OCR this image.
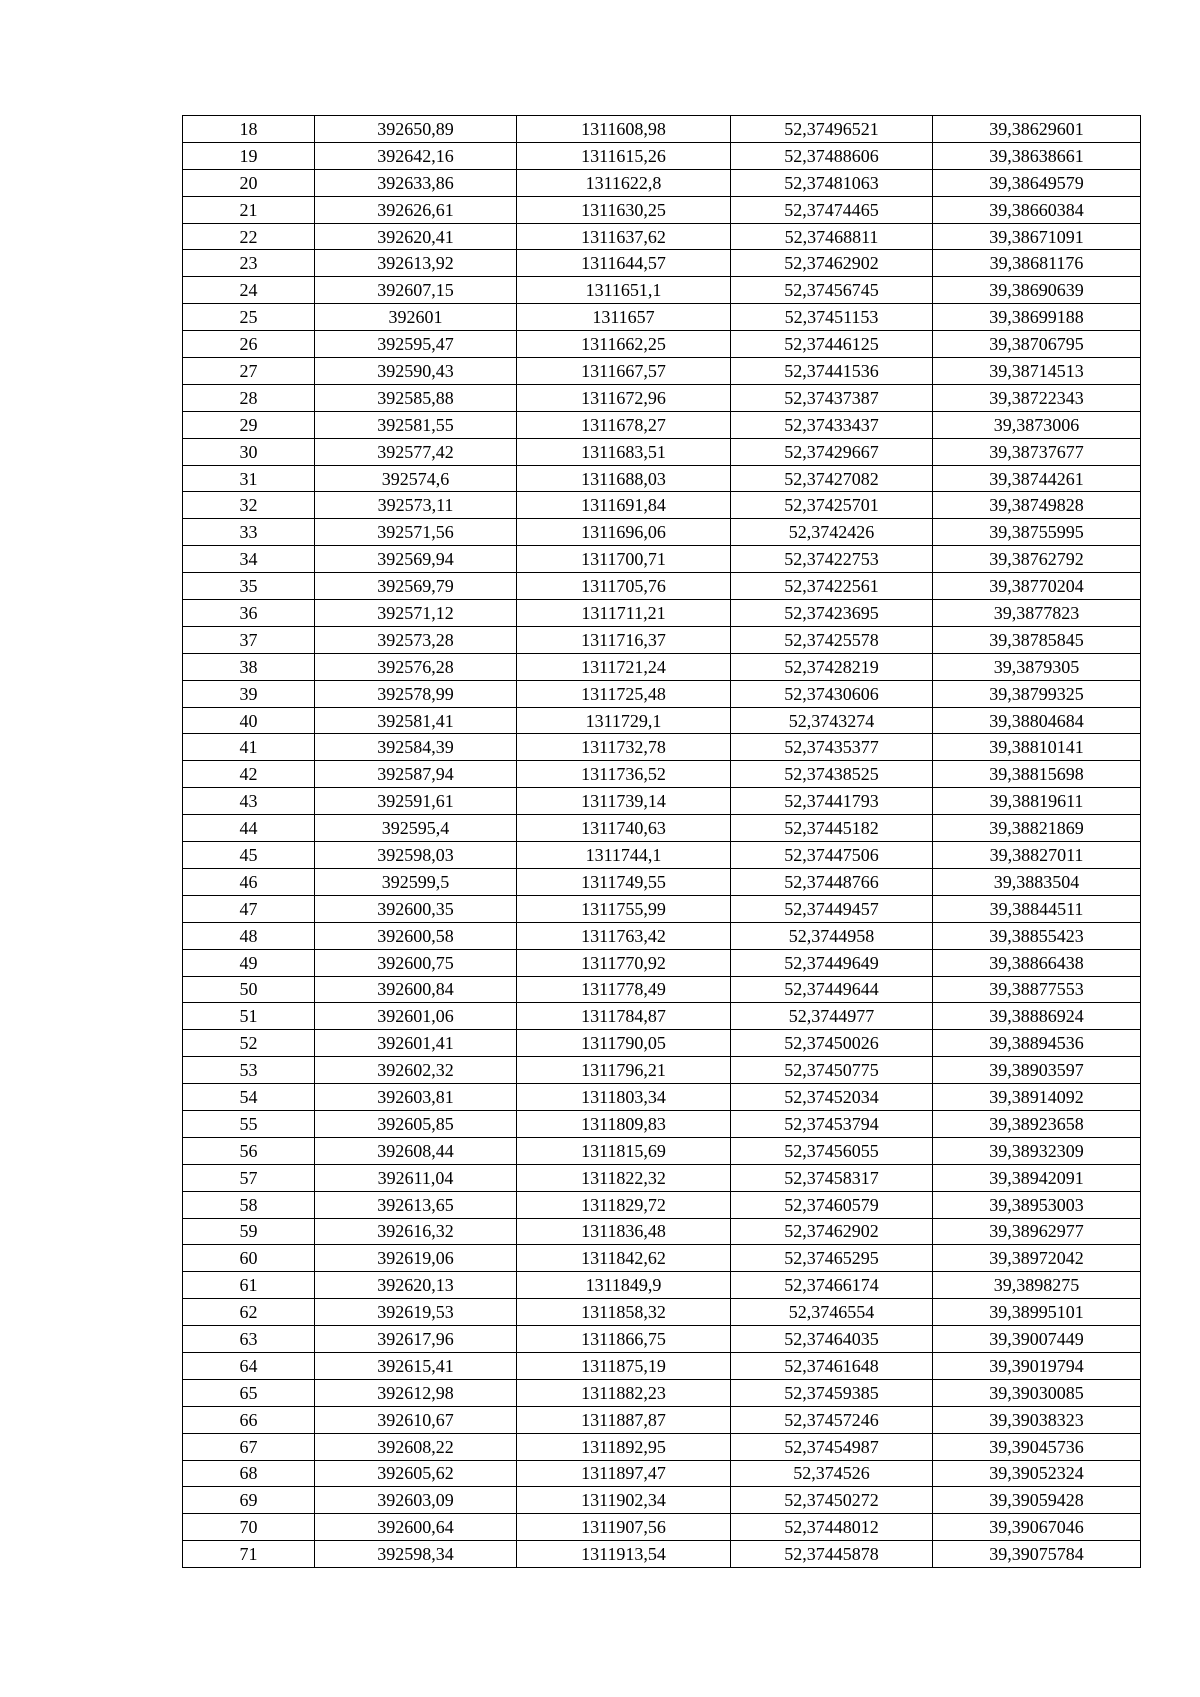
18	392650,89	1311608,98	52,37496521	39,38629601
19	392642,16	1311615,26	52,37488606	39,38638661
20	392633,86	1311622,8	52,37481063	39,38649579
21	392626,61	1311630,25	52,37474465	39,38660384
22	392620,41	1311637,62	52,37468811	39,38671091
23	392613,92	1311644,57	52,37462902	39,38681176
24	392607,15	1311651,1	52,37456745	39,38690639
25	392601	1311657	52,37451153	39,38699188
26	392595,47	1311662,25	52,37446125	39,38706795
27	392590,43	1311667,57	52,37441536	39,38714513
28	392585,88	1311672,96	52,37437387	39,38722343
29	392581,55	1311678,27	52,37433437	39,3873006
30	392577,42	1311683,51	52,37429667	39,38737677
31	392574,6	1311688,03	52,37427082	39,38744261
32	392573,11	1311691,84	52,37425701	39,38749828
33	392571,56	1311696,06	52,3742426	39,38755995
34	392569,94	1311700,71	52,37422753	39,38762792
35	392569,79	1311705,76	52,37422561	39,38770204
36	392571,12	1311711,21	52,37423695	39,3877823
37	392573,28	1311716,37	52,37425578	39,38785845
38	392576,28	1311721,24	52,37428219	39,3879305
39	392578,99	1311725,48	52,37430606	39,38799325
40	392581,41	1311729,1	52,3743274	39,38804684
41	392584,39	1311732,78	52,37435377	39,38810141
42	392587,94	1311736,52	52,37438525	39,38815698
43	392591,61	1311739,14	52,37441793	39,38819611
44	392595,4	1311740,63	52,37445182	39,38821869
45	392598,03	1311744,1	52,37447506	39,38827011
46	392599,5	1311749,55	52,37448766	39,3883504
47	392600,35	1311755,99	52,37449457	39,38844511
48	392600,58	1311763,42	52,3744958	39,38855423
49	392600,75	1311770,92	52,37449649	39,38866438
50	392600,84	1311778,49	52,37449644	39,38877553
51	392601,06	1311784,87	52,3744977	39,38886924
52	392601,41	1311790,05	52,37450026	39,38894536
53	392602,32	1311796,21	52,37450775	39,38903597
54	392603,81	1311803,34	52,37452034	39,38914092
55	392605,85	1311809,83	52,37453794	39,38923658
56	392608,44	1311815,69	52,37456055	39,38932309
57	392611,04	1311822,32	52,37458317	39,38942091
58	392613,65	1311829,72	52,37460579	39,38953003
59	392616,32	1311836,48	52,37462902	39,38962977
60	392619,06	1311842,62	52,37465295	39,38972042
61	392620,13	1311849,9	52,37466174	39,3898275
62	392619,53	1311858,32	52,3746554	39,38995101
63	392617,96	1311866,75	52,37464035	39,39007449
64	392615,41	1311875,19	52,37461648	39,39019794
65	392612,98	1311882,23	52,37459385	39,39030085
66	392610,67	1311887,87	52,37457246	39,39038323
67	392608,22	1311892,95	52,37454987	39,39045736
68	392605,62	1311897,47	52,374526	39,39052324
69	392603,09	1311902,34	52,37450272	39,39059428
70	392600,64	1311907,56	52,37448012	39,39067046
71	392598,34	1311913,54	52,37445878	39,39075784
